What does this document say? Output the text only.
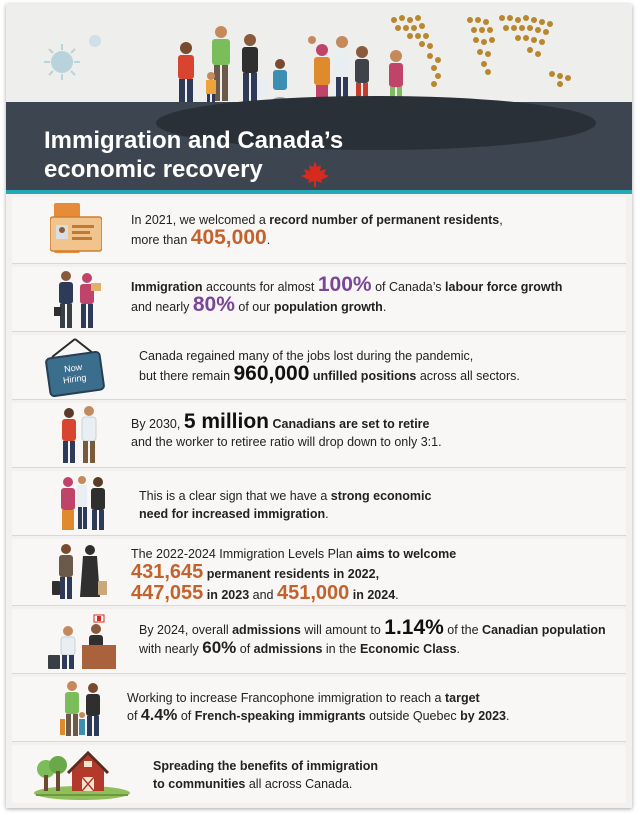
Immigration and Canada’s
economic recovery
In 2021, we welcomed a record number of permanent residents,
more than 405,000.
Immigration accounts for almost 100% of Canada’s labour force growth
and nearly 80% of our population growth.
Now
Hiring
Canada regained many of the jobs lost during the pandemic,
but there remain 960,000 unfilled positions across all sectors.
By 2030, 5 million Canadians are set to retire
and the worker to retiree ratio will drop down to only 3:1.
This is a clear sign that we have a strong economic
need for increased immigration.
The 2022-2024 Immigration Levels Plan aims to welcome
431,645 permanent residents in 2022,
447,055 in 2023 and 451,000 in 2024.
By 2024, overall admissions will amount to 1.14% of the Canadian population
with nearly 60% of admissions in the Economic Class.
Working to increase Francophone immigration to reach a target
of 4.4% of French-speaking immigrants outside Quebec by 2023.
Spreading the benefits of immigration
to communities all across Canada.
